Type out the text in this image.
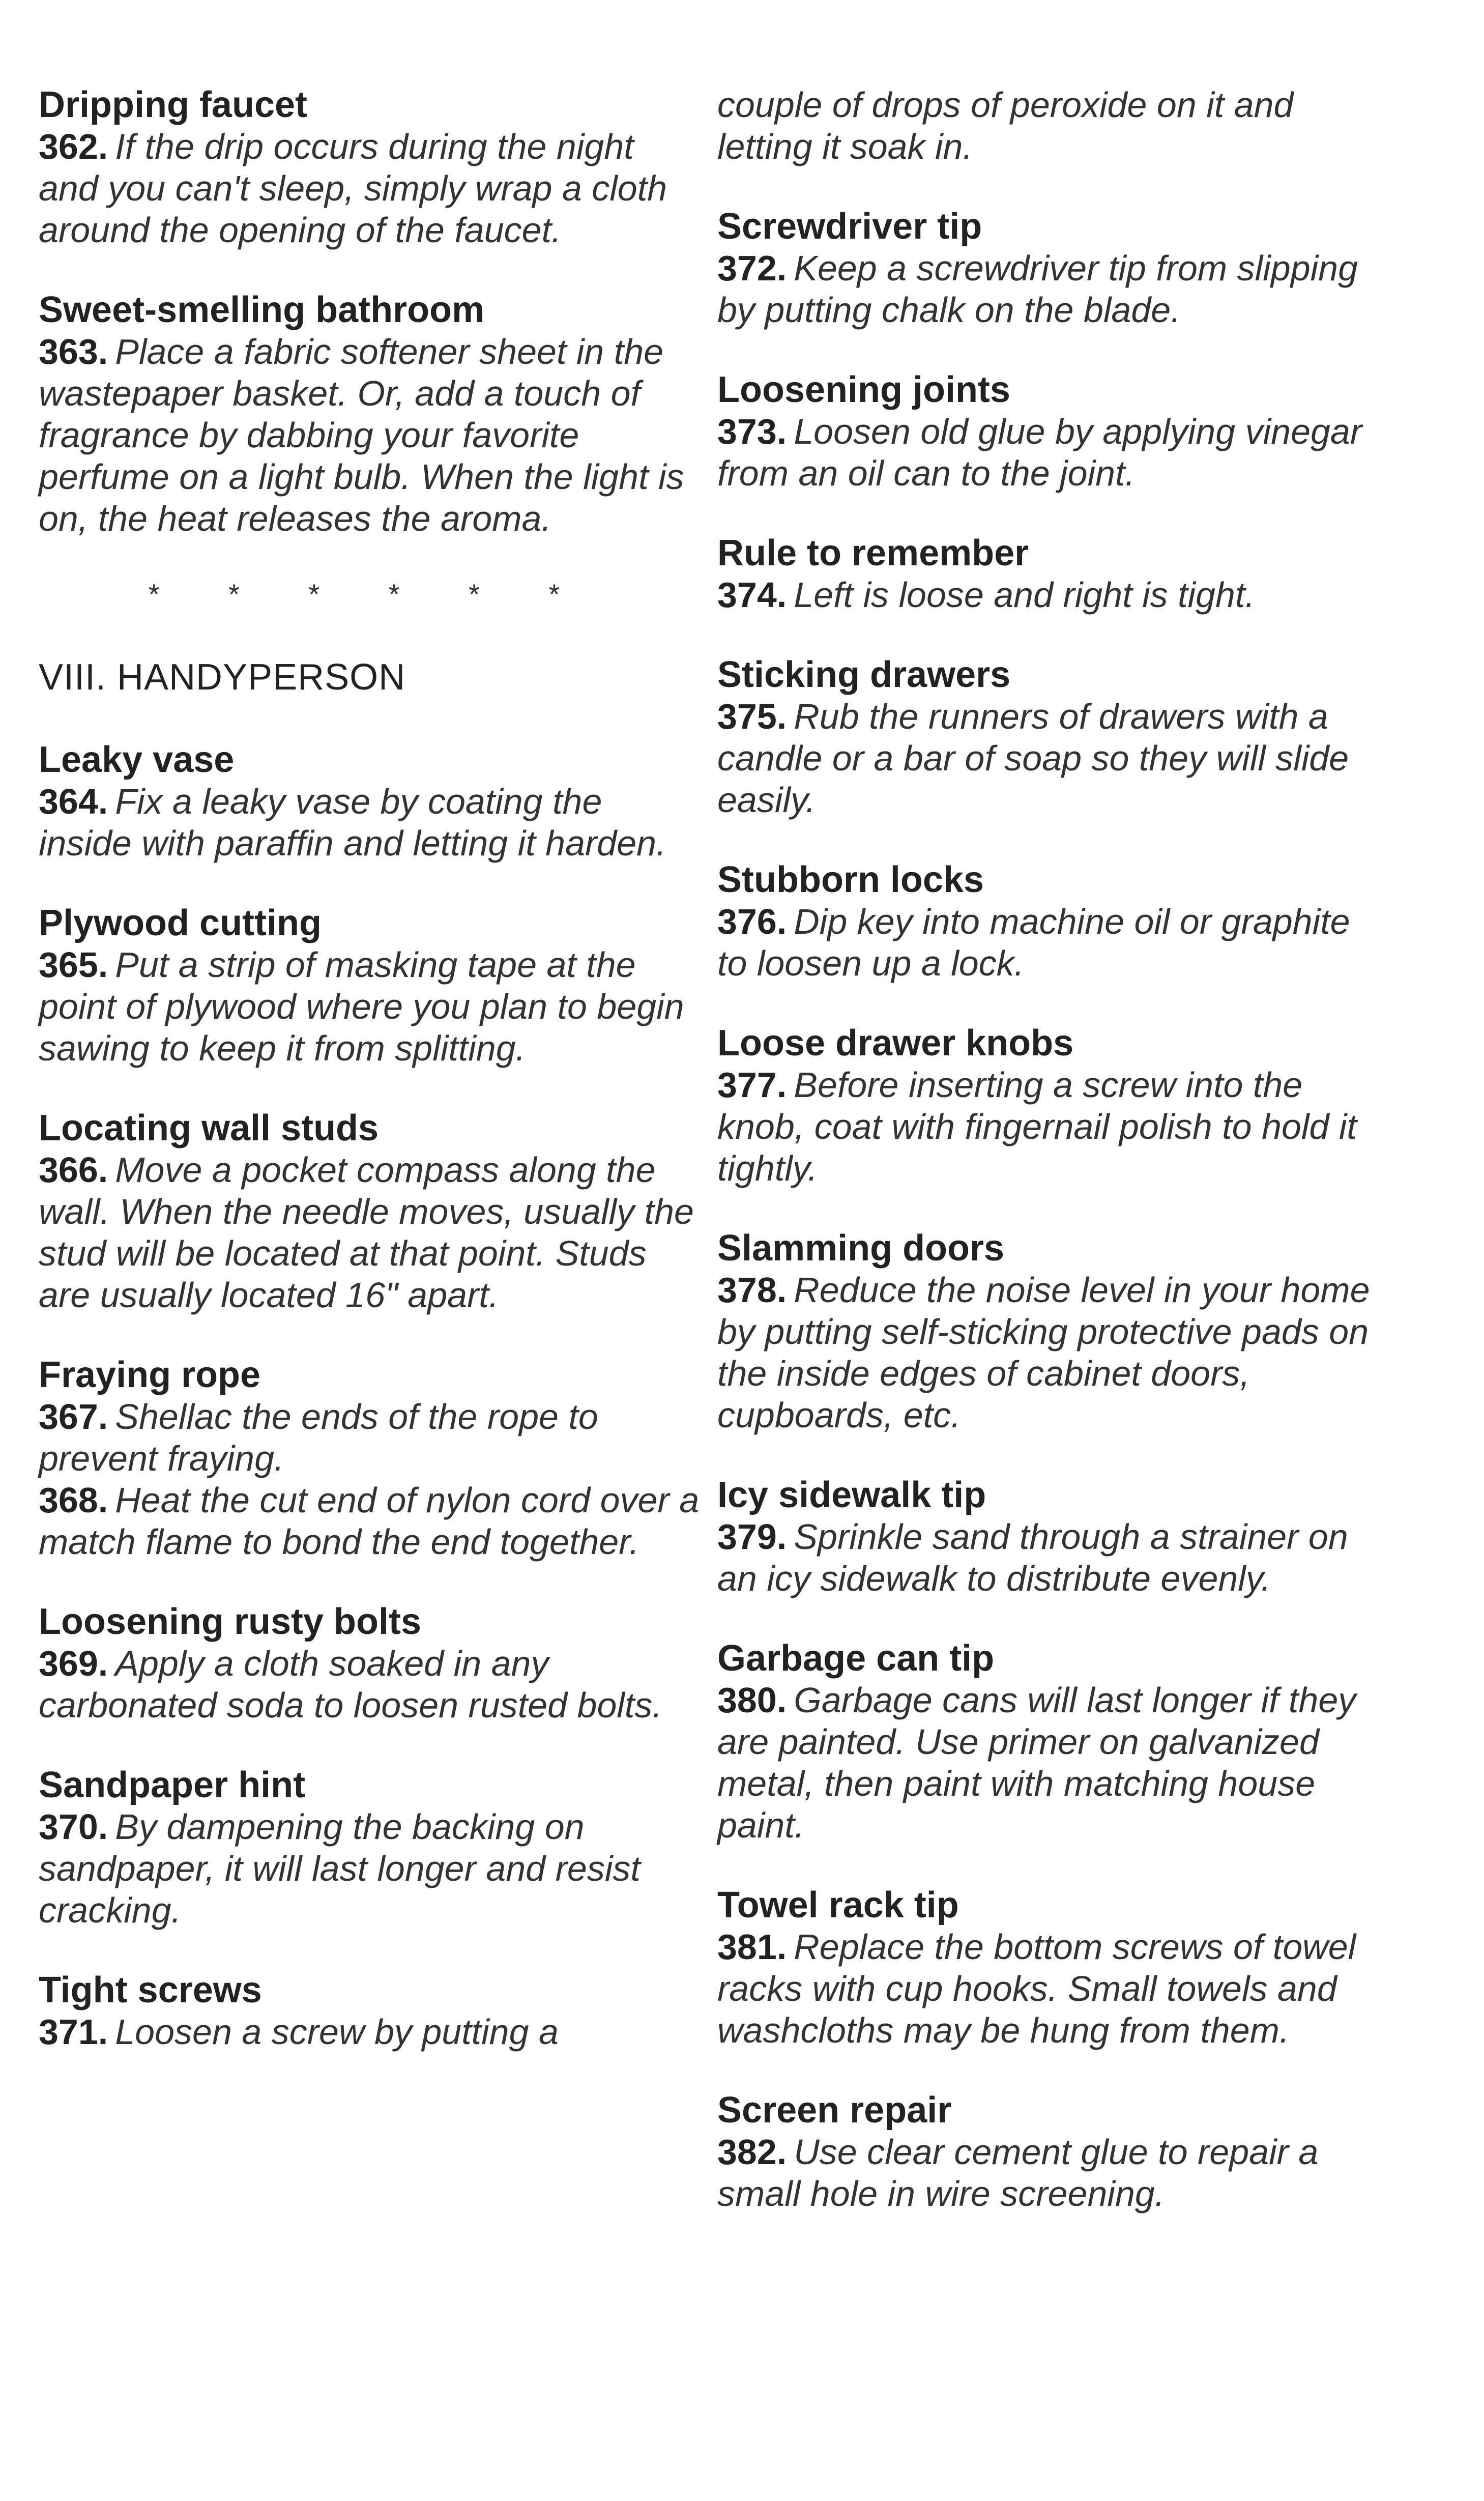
Dripping faucet

362. If the drip occurs during the night and you can't sleep, simply wrap a cloth around the opening of the faucet.

Sweet-smelling bathroom

363. Place a fabric softener sheet in the wastepaper basket. Or, add a touch of fragrance by dabbing your favorite perfume on a light bulb. When the light is on, the heat releases the aroma.

* * * * * *
VIII. HANDYPERSON

Leaky vase

364. Fix a leaky vase by coating the inside with paraffin and letting it harden.

Plywood cutting

365. Put a strip of masking tape at the point of plywood where you plan to begin sawing to keep it from splitting.

Locating wall studs

366. Move a pocket compass along the wall. When the needle moves, usually the stud will be located at that point. Studs are usually located 16" apart.

Fraying rope

367. Shellac the ends of the rope to prevent fraying.

368. Heat the cut end of nylon cord over a match flame to bond the end together.

Loosening rusty bolts

369. Apply a cloth soaked in any carbonated soda to loosen rusted bolts.

Sandpaper hint

370. By dampening the backing on sandpaper, it will last longer and resist cracking.

Tight screws

371. Loosen a screw by putting a

couple of drops of peroxide on it and letting it soak in.

Screwdriver tip

372. Keep a screwdriver tip from slipping by putting chalk on the blade.

Loosening joints

373. Loosen old glue by applying vinegar from an oil can to the joint.

Rule to remember

374. Left is loose and right is tight.

Sticking drawers

375. Rub the runners of drawers with a candle or a bar of soap so they will slide easily.

Stubborn locks

376. Dip key into machine oil or graphite to loosen up a lock.

Loose drawer knobs

377. Before inserting a screw into the knob, coat with fingernail polish to hold it tightly.

Slamming doors

378. Reduce the noise level in your home by putting self-sticking protective pads on the inside edges of cabinet doors, cupboards, etc.

Icy sidewalk tip

379. Sprinkle sand through a strainer on an icy sidewalk to distribute evenly.

Garbage can tip

380. Garbage cans will last longer if they are painted. Use primer on galvanized metal, then paint with matching house paint.

Towel rack tip

381. Replace the bottom screws of towel racks with cup hooks. Small towels and washcloths may be hung from them.

Screen repair

382. Use clear cement glue to repair a small hole in wire screening.
